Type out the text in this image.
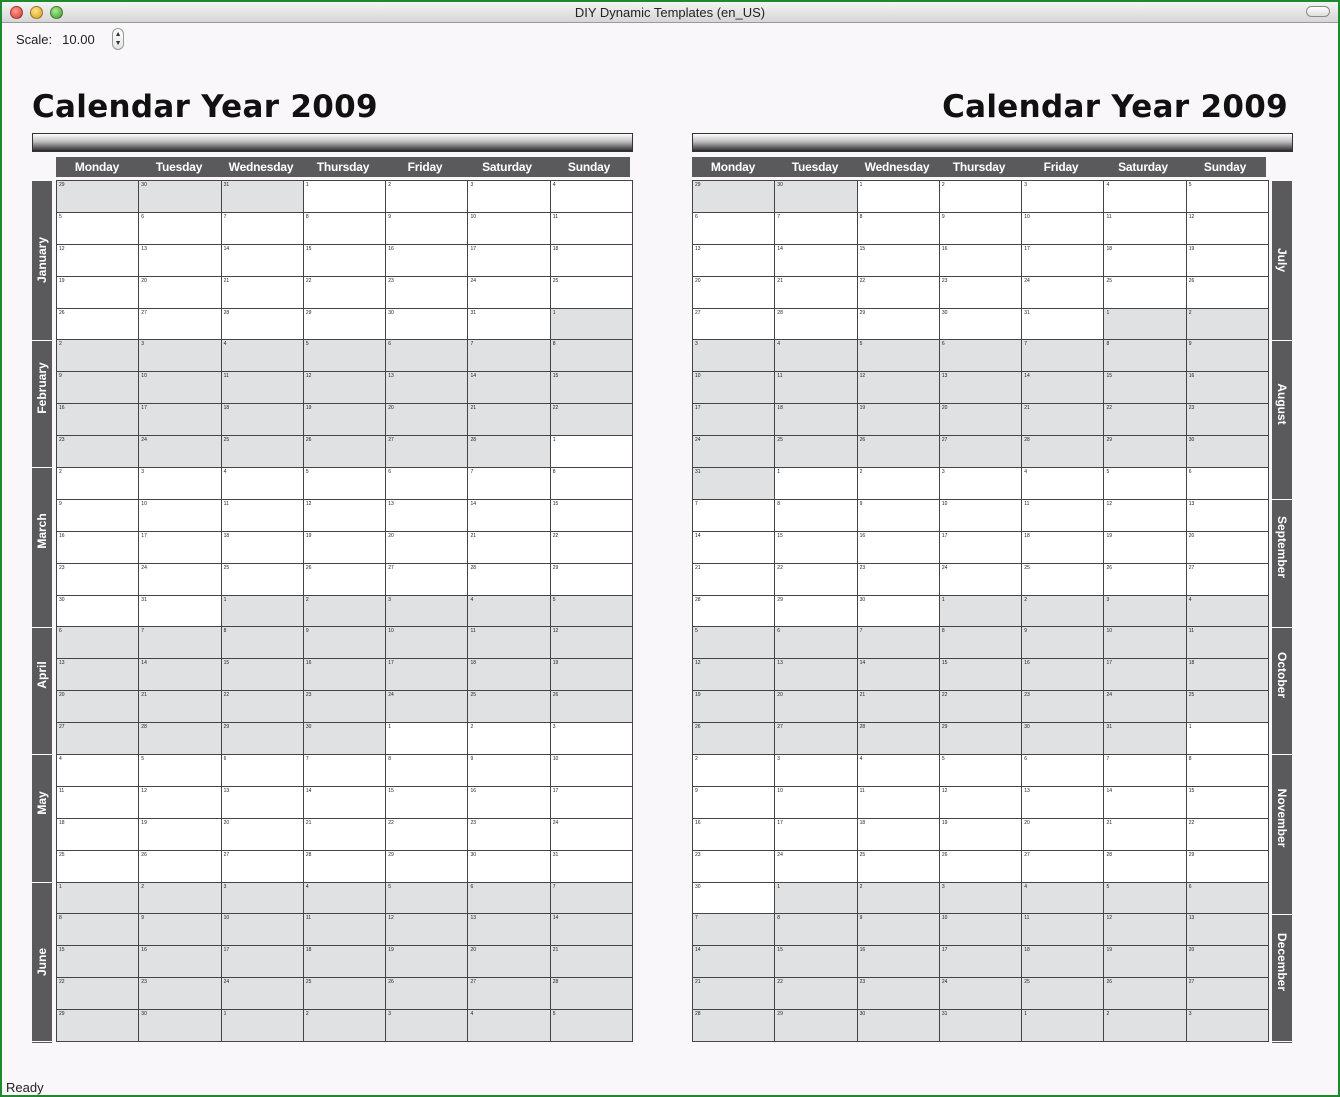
DIY Dynamic Templates (en_US)
Scale: 10.00	▲
▼
Calendar Year 2009
Monday	Tuesday	Wednesday	Thursday	Friday	Saturday	Sunday
January
February
March
April
May
June
29	30	31	1	2	3	4
5	6	7	8	9	10	11
12	13	14	15	16	17	18
19	20	21	22	23	24	25
26	27	28	29	30	31	1
2	3	4	5	6	7	8
9	10	11	12	13	14	15
16	17	18	19	20	21	22
23	24	25	26	27	28	1
2	3	4	5	6	7	8
9	10	11	12	13	14	15
16	17	18	19	20	21	22
23	24	25	26	27	28	29
30	31	1	2	3	4	5
6	7	8	9	10	11	12
13	14	15	16	17	18	19
20	21	22	23	24	25	26
27	28	29	30	1	2	3
4	5	6	7	8	9	10
11	12	13	14	15	16	17
18	19	20	21	22	23	24
25	26	27	28	29	30	31
1	2	3	4	5	6	7
8	9	10	11	12	13	14
15	16	17	18	19	20	21
22	23	24	25	26	27	28
29	30	1	2	3	4	5
Calendar Year 2009
Monday	Tuesday	Wednesday	Thursday	Friday	Saturday	Sunday
29	30	1	2	3	4	5
6	7	8	9	10	11	12
13	14	15	16	17	18	19
20	21	22	23	24	25	26
27	28	29	30	31	1	2
3	4	5	6	7	8	9
10	11	12	13	14	15	16
17	18	19	20	21	22	23
24	25	26	27	28	29	30
31	1	2	3	4	5	6
7	8	9	10	11	12	13
14	15	16	17	18	19	20
21	22	23	24	25	26	27
28	29	30	1	2	3	4
5	6	7	8	9	10	11
12	13	14	15	16	17	18
19	20	21	22	23	24	25
26	27	28	29	30	31	1
2	3	4	5	6	7	8
9	10	11	12	13	14	15
16	17	18	19	20	21	22
23	24	25	26	27	28	29
30	1	2	3	4	5	6
7	8	9	10	11	12	13
14	15	16	17	18	19	20
21	22	23	24	25	26	27
28	29	30	31	1	2	3
July
August
September
October
November
December
Ready
